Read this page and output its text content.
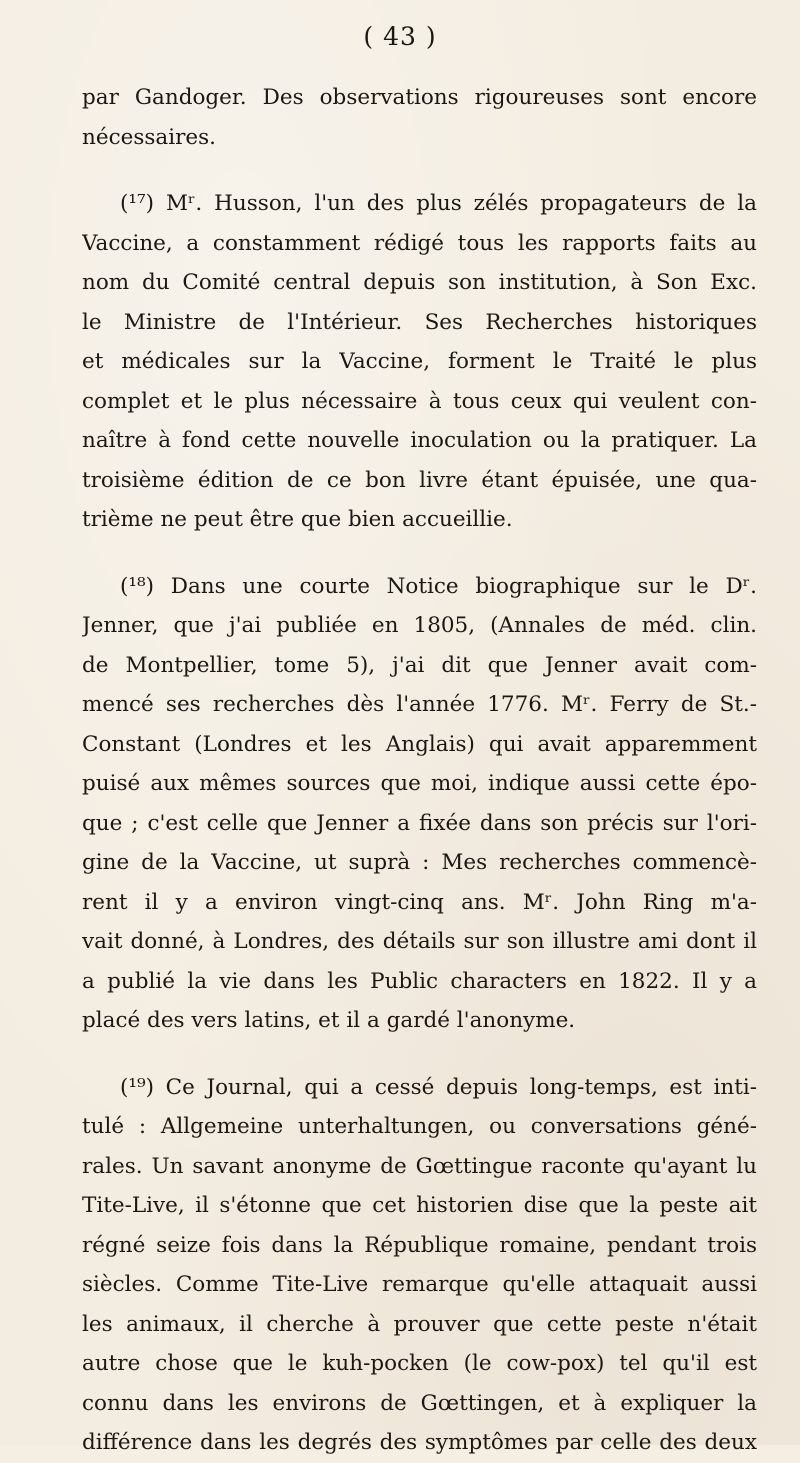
( 43 )
par Gandoger. Des observations rigoureuses sont encore
nécessaires.
(¹⁷) Mʳ. Husson, l'un des plus zélés propagateurs de la
Vaccine, a constamment rédigé tous les rapports faits au
nom du Comité central depuis son institution, à Son Exc.
le Ministre de l'Intérieur. Ses Recherches historiques
et médicales sur la Vaccine, forment le Traité le plus
complet et le plus nécessaire à tous ceux qui veulent con-
naître à fond cette nouvelle inoculation ou la pratiquer. La
troisième édition de ce bon livre étant épuisée, une qua-
trième ne peut être que bien accueillie.
(¹⁸) Dans une courte Notice biographique sur le Dʳ.
Jenner, que j'ai publiée en 1805, (Annales de méd. clin.
de Montpellier, tome 5), j'ai dit que Jenner avait com-
mencé ses recherches dès l'année 1776. Mʳ. Ferry de St.-
Constant (Londres et les Anglais) qui avait apparemment
puisé aux mêmes sources que moi, indique aussi cette épo-
que ; c'est celle que Jenner a fixée dans son précis sur l'ori-
gine de la Vaccine, ut suprà : Mes recherches commencè-
rent il y a environ vingt-cinq ans. Mʳ. John Ring m'a-
vait donné, à Londres, des détails sur son illustre ami dont il
a publié la vie dans les Public characters en 1822. Il y a
placé des vers latins, et il a gardé l'anonyme.
(¹⁹) Ce Journal, qui a cessé depuis long-temps, est inti-
tulé : Allgemeine unterhaltungen, ou conversations géné-
rales. Un savant anonyme de Gœttingue raconte qu'ayant lu
Tite-Live, il s'étonne que cet historien dise que la peste ait
régné seize fois dans la République romaine, pendant trois
siècles. Comme Tite-Live remarque qu'elle attaquait aussi
les animaux, il cherche à prouver que cette peste n'était
autre chose que le kuh-pocken (le cow-pox) tel qu'il est
connu dans les environs de Gœttingen, et à expliquer la
différence dans les degrés des symptômes par celle des deux
